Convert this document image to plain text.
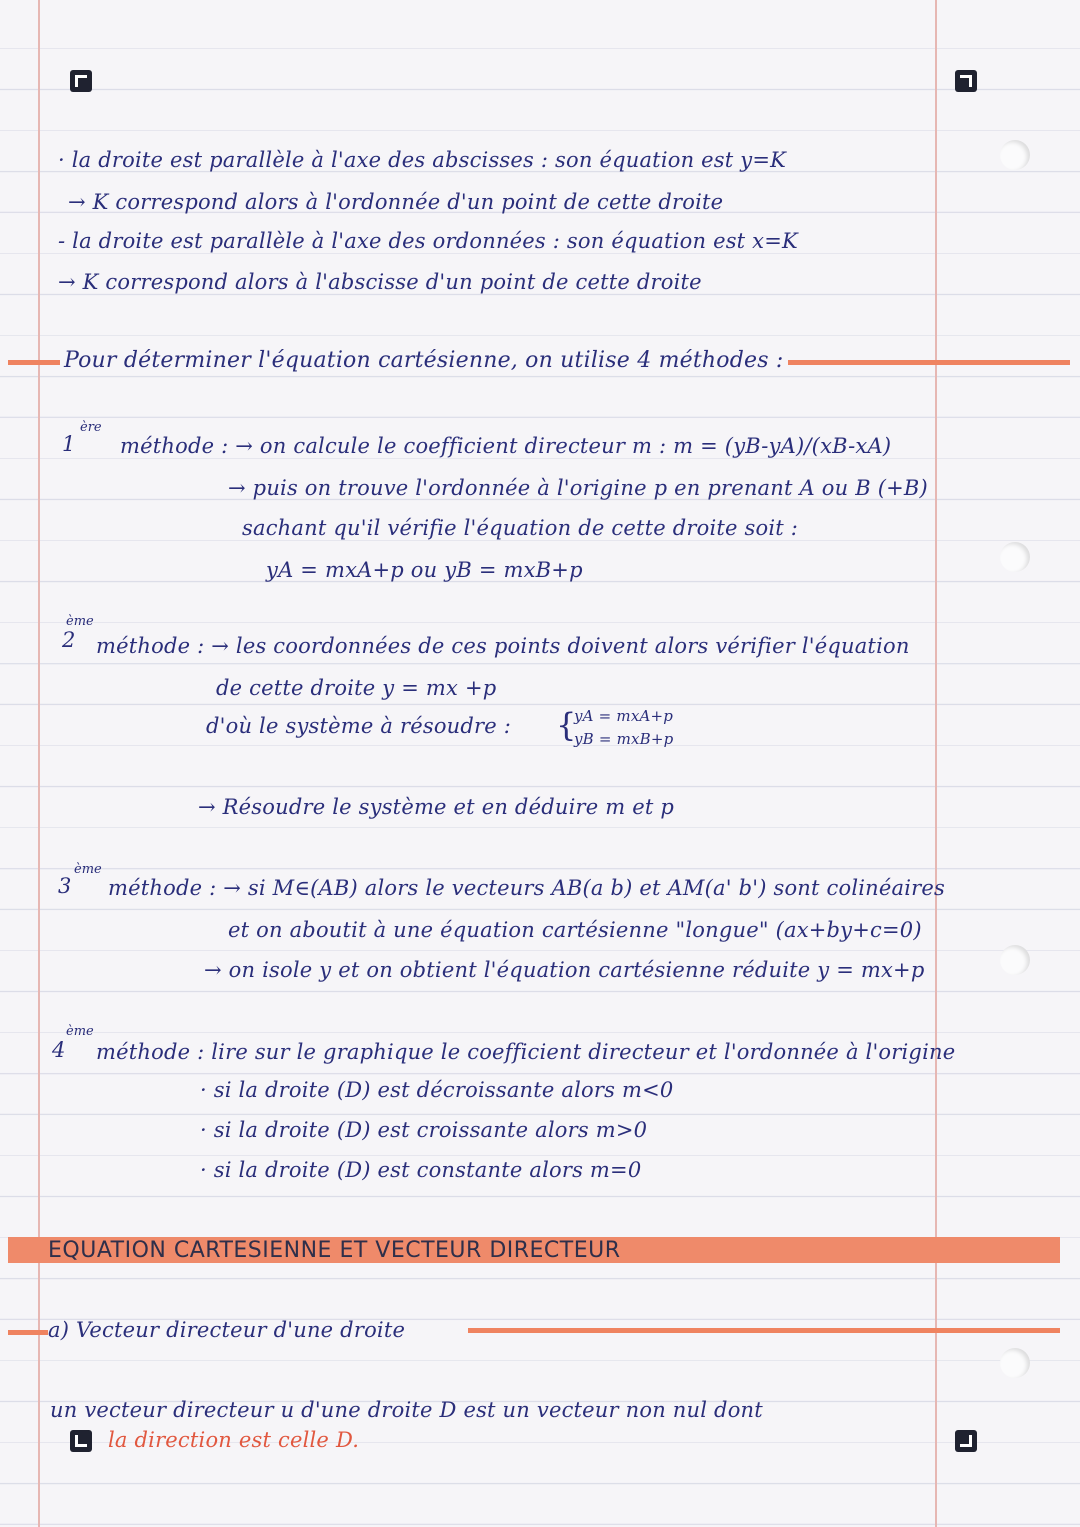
· la droite est parallèle à l'axe des abscisses : son équation est y=K
→ K correspond alors à l'ordonnée d'un point de cette droite
- la droite est parallèle à l'axe des ordonnées : son équation est x=K
→ K correspond alors à l'abscisse d'un point de cette droite
Pour déterminer l'équation cartésienne, on utilise 4 méthodes :
1
ère
méthode : → on calcule le coefficient directeur m : m = (yB-yA)/(xB-xA)
→ puis on trouve l'ordonnée à l'origine p en prenant A ou B (+B)
sachant qu'il vérifie l'équation de cette droite soit :
yA = mxA+p ou yB = mxB+p
2
ème
méthode : → les coordonnées de ces points doivent alors vérifier l'équation
de cette droite y = mx +p
d'où le système à résoudre : {
yA = mxA+p
yB = mxB+p
→ Résoudre le système et en déduire m et p
3
ème
méthode : → si M∈(AB) alors le vecteurs AB(a b) et AM(a' b') sont colinéaires
et on aboutit à une équation cartésienne "longue" (ax+by+c=0)
→ on isole y et on obtient l'équation cartésienne réduite y = mx+p
4
ème
méthode : lire sur le graphique le coefficient directeur et l'ordonnée à l'origine
· si la droite (D) est décroissante alors m<0
· si la droite (D) est croissante alors m>0
· si la droite (D) est constante alors m=0
EQUATION CARTESIENNE ET VECTEUR DIRECTEUR
a) Vecteur directeur d'une droite
un vecteur directeur u d'une droite D est un vecteur non nul dont
la direction est celle D.
